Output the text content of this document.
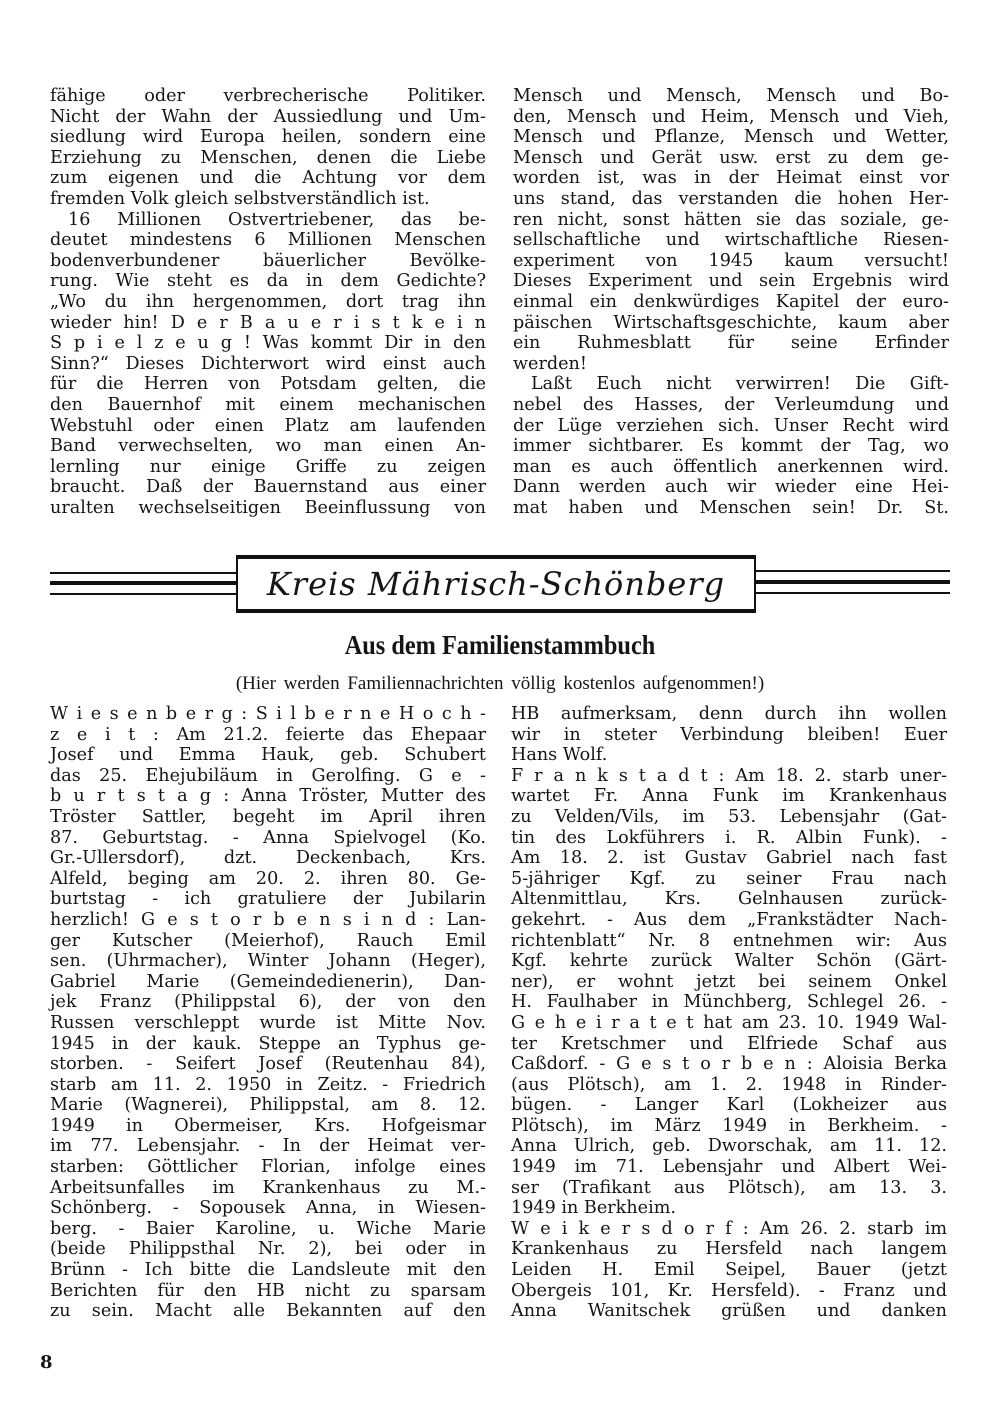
fähige oder verbrecherische Politiker.
Nicht der Wahn der Aussiedlung und Um-
siedlung wird Europa heilen, sondern eine
Erziehung zu Menschen, denen die Liebe
zum eigenen und die Achtung vor dem
fremden Volk gleich selbstverständlich ist.
16 Millionen Ostvertriebener, das be-
deutet mindestens 6 Millionen Menschen
bodenverbundener bäuerlicher Bevölke-
rung. Wie steht es da in dem Gedichte?
„Wo du ihn hergenommen, dort trag ihn
wieder hin! D e r B a u e r i s t k e i n
S p i e l z e u g ! Was kommt Dir in den
Sinn?“ Dieses Dichterwort wird einst auch
für die Herren von Potsdam gelten, die
den Bauernhof mit einem mechanischen
Webstuhl oder einen Platz am laufenden
Band verwechselten, wo man einen An-
lernling nur einige Griffe zu zeigen
braucht. Daß der Bauernstand aus einer
uralten wechselseitigen Beeinflussung von
Mensch und Mensch, Mensch und Bo-
den, Mensch und Heim, Mensch und Vieh,
Mensch und Pflanze, Mensch und Wetter,
Mensch und Gerät usw. erst zu dem ge-
worden ist, was in der Heimat einst vor
uns stand, das verstanden die hohen Her-
ren nicht, sonst hätten sie das soziale, ge-
sellschaftliche und wirtschaftliche Riesen-
experiment von 1945 kaum versucht!
Dieses Experiment und sein Ergebnis wird
einmal ein denkwürdiges Kapitel der euro-
päischen Wirtschaftsgeschichte, kaum aber
ein Ruhmesblatt für seine Erfinder
werden!
Laßt Euch nicht verwirren! Die Gift-
nebel des Hasses, der Verleumdung und
der Lüge verziehen sich. Unser Recht wird
immer sichtbarer. Es kommt der Tag, wo
man es auch öffentlich anerkennen wird.
Dann werden auch wir wieder eine Hei-
mat haben und Menschen sein! Dr. St.
Kreis Mährisch-Schönberg
Aus dem Familienstammbuch
(Hier werden Familiennachrichten völlig kostenlos aufgenommen!)
W i e s e n b e r g : S i l b e r n e H o c h -
z e i t : Am 21.2. feierte das Ehepaar
Josef und Emma Hauk, geb. Schubert
das 25. Ehejubiläum in Gerolfing. G e -
b u r t s t a g : Anna Tröster, Mutter des
Tröster Sattler, begeht im April ihren
87. Geburtstag. - Anna Spielvogel (Ko.
Gr.-Ullersdorf), dzt. Deckenbach, Krs.
Alfeld, beging am 20. 2. ihren 80. Ge-
burtstag - ich gratuliere der Jubilarin
herzlich! G e s t o r b e n s i n d : Lan-
ger Kutscher (Meierhof), Rauch Emil
sen. (Uhrmacher), Winter Johann (Heger),
Gabriel Marie (Gemeindedienerin), Dan-
jek Franz (Philippstal 6), der von den
Russen verschleppt wurde ist Mitte Nov.
1945 in der kauk. Steppe an Typhus ge-
storben. - Seifert Josef (Reutenhau 84),
starb am 11. 2. 1950 in Zeitz. - Friedrich
Marie (Wagnerei), Philippstal, am 8. 12.
1949 in Obermeiser, Krs. Hofgeismar
im 77. Lebensjahr. - In der Heimat ver-
starben: Göttlicher Florian, infolge eines
Arbeitsunfalles im Krankenhaus zu M.-
Schönberg. - Sopousek Anna, in Wiesen-
berg. - Baier Karoline, u. Wiche Marie
(beide Philippsthal Nr. 2), bei oder in
Brünn - Ich bitte die Landsleute mit den
Berichten für den HB nicht zu sparsam
zu sein. Macht alle Bekannten auf den
HB aufmerksam, denn durch ihn wollen
wir in steter Verbindung bleiben! Euer
Hans Wolf.
F r a n k s t a d t : Am 18. 2. starb uner-
wartet Fr. Anna Funk im Krankenhaus
zu Velden/Vils, im 53. Lebensjahr (Gat-
tin des Lokführers i. R. Albin Funk). -
Am 18. 2. ist Gustav Gabriel nach fast
5-jähriger Kgf. zu seiner Frau nach
Altenmittlau, Krs. Gelnhausen zurück-
gekehrt. - Aus dem „Frankstädter Nach-
richtenblatt“ Nr. 8 entnehmen wir: Aus
Kgf. kehrte zurück Walter Schön (Gärt-
ner), er wohnt jetzt bei seinem Onkel
H. Faulhaber in Münchberg, Schlegel 26. -
G e h e i r a t e t hat am 23. 10. 1949 Wal-
ter Kretschmer und Elfriede Schaf aus
Caßdorf. - G e s t o r b e n : Aloisia Berka
(aus Plötsch), am 1. 2. 1948 in Rinder-
bügen. - Langer Karl (Lokheizer aus
Plötsch), im März 1949 in Berkheim. -
Anna Ulrich, geb. Dworschak, am 11. 12.
1949 im 71. Lebensjahr und Albert Wei-
ser (Trafikant aus Plötsch), am 13. 3.
1949 in Berkheim.
W e i k e r s d o r f : Am 26. 2. starb im
Krankenhaus zu Hersfeld nach langem
Leiden H. Emil Seipel, Bauer (jetzt
Obergeis 101, Kr. Hersfeld). - Franz und
Anna Wanitschek grüßen und danken
8
